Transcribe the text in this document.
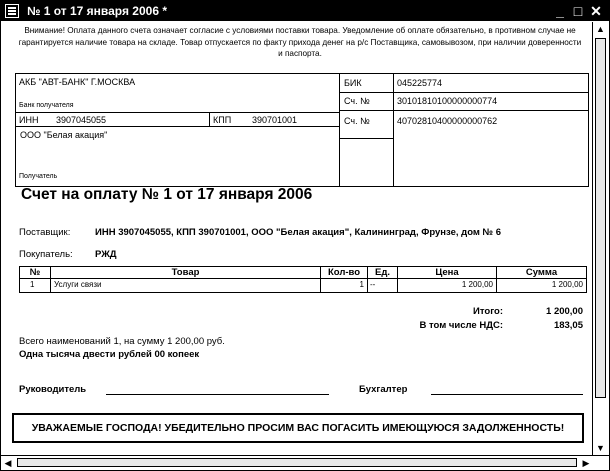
№ 1 от 17 января 2006 *	_ □ ✕
Внимание! Оплата данного счета означает согласие с условиями поставки товара. Уведомление об оплате обязательно, в противном случае не гарантируется наличие товара на складе. Товар отпускается по факту прихода денег на р/с Поставщика, самовывозом, при наличии доверенности и паспорта.
АКБ "АВТ-БАНК" Г.МОСКВА
Банк получателя
ИНН 3907045055	КПП 390701001
ООО "Белая акация"
Получатель
БИК	045225774
Сч. №	30101810100000000774
Сч. №	40702810400000000762
Счет на оплату № 1 от 17 января 2006
Поставщик:	ИНН 3907045055, КПП 390701001, ООО "Белая акация", Калининград, Фрунзе, дом № 6
Покупатель: РЖД
№	Товар	Кол-во	Ед.	Цена	Сумма
1 Услуги связи	1 --	1 200,00	1 200,00
Итого:	1 200,00
В том числе НДС:	183,05
Всего наименований 1, на сумму 1 200,00 руб.
Одна тысяча двести рублей 00 копеек
Руководитель	Бухгалтер
УВАЖАЕМЫЕ ГОСПОДА! УБЕДИТЕЛЬНО ПРОСИМ ВАС ПОГАСИТЬ ИМЕЮЩУЮСЯ ЗАДОЛЖЕННОСТЬ!
▲
▼
◀	▶
